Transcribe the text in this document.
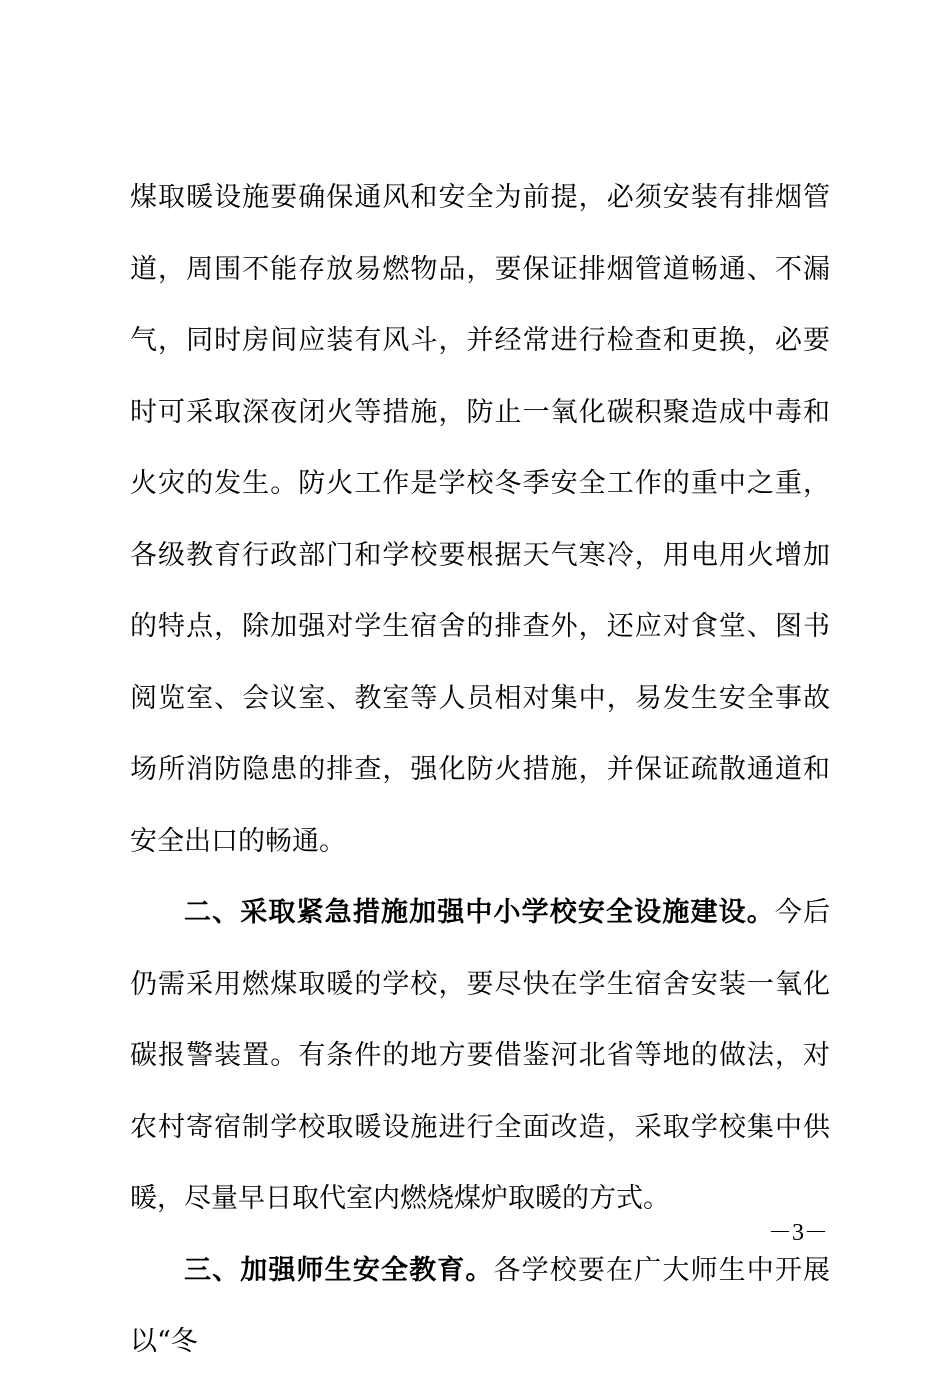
煤取暖设施要确保通风和安全为前提，必须安装有排烟管道，周围不能存放易燃物品，要保证排烟管道畅通、不漏气，同时房间应装有风斗，并经常进行检查和更换，必要时可采取深夜闭火等措施，防止一氧化碳积聚造成中毒和火灾的发生。防火工作是学校冬季安全工作的重中之重，各级教育行政部门和学校要根据天气寒冷，用电用火增加的特点，除加强对学生宿舍的排查外，还应对食堂、图书阅览室、会议室、教室等人员相对集中，易发生安全事故场所消防隐患的排查，强化防火措施，并保证疏散通道和安全出口的畅通。

二、采取紧急措施加强中小学校安全设施建设。今后仍需采用燃煤取暖的学校，要尽快在学生宿舍安装一氧化碳报警装置。有条件的地方要借鉴河北省等地的做法，对农村寄宿制学校取暖设施进行全面改造，采取学校集中供暖，尽量早日取代室内燃烧煤炉取暖的方式。

三、加强师生安全教育。各学校要在广大师生中开展以“冬

－3－
